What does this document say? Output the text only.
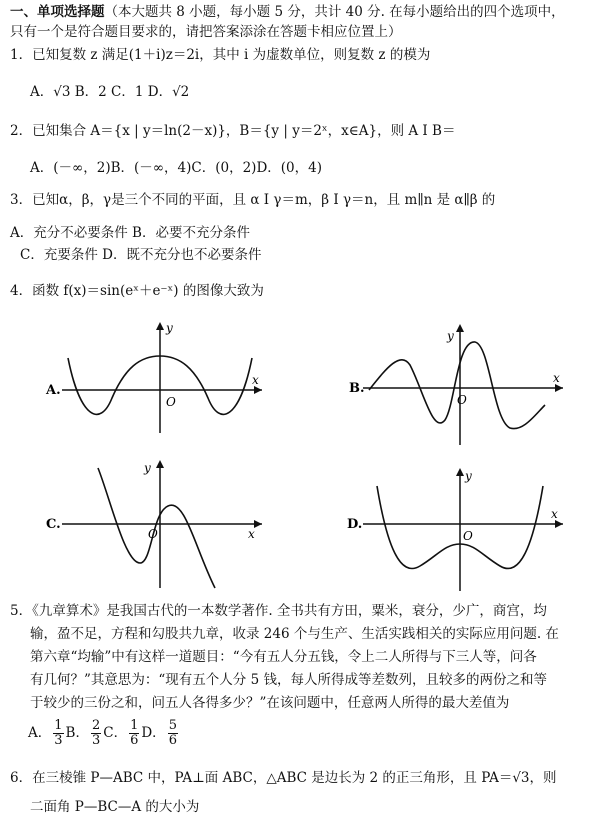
一、单项选择题（本大题共 8 小题，每小题 5 分，共计 40 分. 在每小题给出的四个选项中，
只有一个是符合题目要求的，请把答案添涂在答题卡相应位置上）
1．已知复数 z 满足(1＋i)z＝2i，其中 i 为虚数单位，则复数 z 的模为
A．√3 B．2 C．1 D．√2
2．已知集合 A＝{x | y＝ln(2－x)}，B＝{y | y＝2ˣ，x∈A}，则 A I B＝
A．(－∞，2)B．(－∞，4)C．(0，2)D．(0，4)
3．已知α，β，γ是三个不同的平面，且 α I γ＝m，β I γ＝n，且 m∥n 是 α∥β 的
A．充分不必要条件 B．必要不充分条件
C．充要条件 D．既不充分也不必要条件
4．函数 f(x)＝sin(eˣ＋e⁻ˣ) 的图像大致为
A.
y
x
O
B.
y
x
O
C.
y
x
O
D.
y
x
O
5．《九章算术》是我国古代的一本数学著作. 全书共有方田，粟米，衰分，少广，商宫，均
输，盈不足，方程和勾股共九章，收录 246 个与生产、生活实践相关的实际应用问题. 在
第六章“均输”中有这样一道题目：“今有五人分五钱，令上二人所得与下三人等，问各
有几何？”其意思为：“现有五个人分 5 钱，每人所得成等差数列，且较多的两份之和等
于较少的三份之和，问五人各得多少？”在该问题中，任意两人所得的最大差值为
A． $\frac{1}{3}$ B． $\frac{2}{3}$ C． $\frac{1}{6}$ D． $\frac{5}{6}$
6．在三棱锥 P—ABC 中，PA⊥面 ABC，△ABC 是边长为 2 的正三角形，且 PA＝√3，则
二面角 P—BC—A 的大小为
